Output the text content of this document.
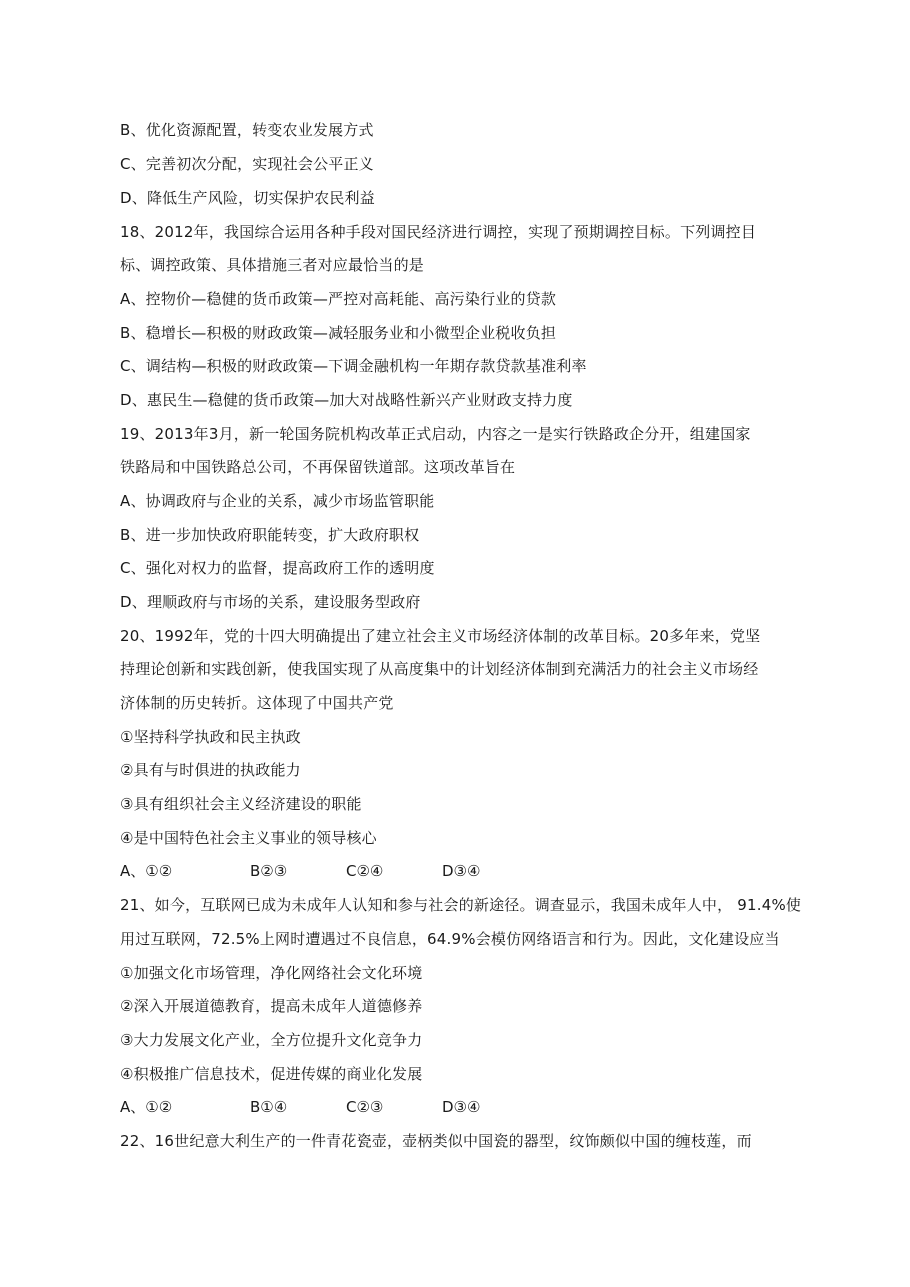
B、优化资源配置，转变农业发展方式
C、完善初次分配，实现社会公平正义
D、降低生产风险，切实保护农民利益
18、2012年，我国综合运用各种手段对国民经济进行调控，实现了预期调控目标。下列调控目
标、调控政策、具体措施三者对应最恰当的是
A、控物价—稳健的货币政策—严控对高耗能、高污染行业的贷款
B、稳增长—积极的财政政策—减轻服务业和小微型企业税收负担
C、调结构—积极的财政政策—下调金融机构一年期存款贷款基准利率
D、惠民生—稳健的货币政策—加大对战略性新兴产业财政支持力度
19、2013年3月，新一轮国务院机构改革正式启动，内容之一是实行铁路政企分开，组建国家
铁路局和中国铁路总公司，不再保留铁道部。这项改革旨在
A、协调政府与企业的关系，减少市场监管职能
B、进一步加快政府职能转变，扩大政府职权
C、强化对权力的监督，提高政府工作的透明度
D、理顺政府与市场的关系，建设服务型政府
20、1992年，党的十四大明确提出了建立社会主义市场经济体制的改革目标。20多年来，党坚
持理论创新和实践创新，使我国实现了从高度集中的计划经济体制到充满活力的社会主义市场经
济体制的历史转折。这体现了中国共产党
①坚持科学执政和民主执政
②具有与时俱进的执政能力
③具有组织社会主义经济建设的职能
④是中国特色社会主义事业的领导核心
A、①②	B②③	C②④	D③④
21、如今，互联网已成为未成年人认知和参与社会的新途径。调查显示，我国未成年人中， 91.4%使
用过互联网，72.5%上网时遭遇过不良信息，64.9%会模仿网络语言和行为。因此，文化建设应当
①加强文化市场管理，净化网络社会文化环境
②深入开展道德教育，提高未成年人道德修养
③大力发展文化产业，全方位提升文化竞争力
④积极推广信息技术，促进传媒的商业化发展
A、①②	B①④	C②③	D③④
22、16世纪意大利生产的一件青花瓷壶，壶柄类似中国瓷的器型，纹饰颇似中国的缠枝莲，而
